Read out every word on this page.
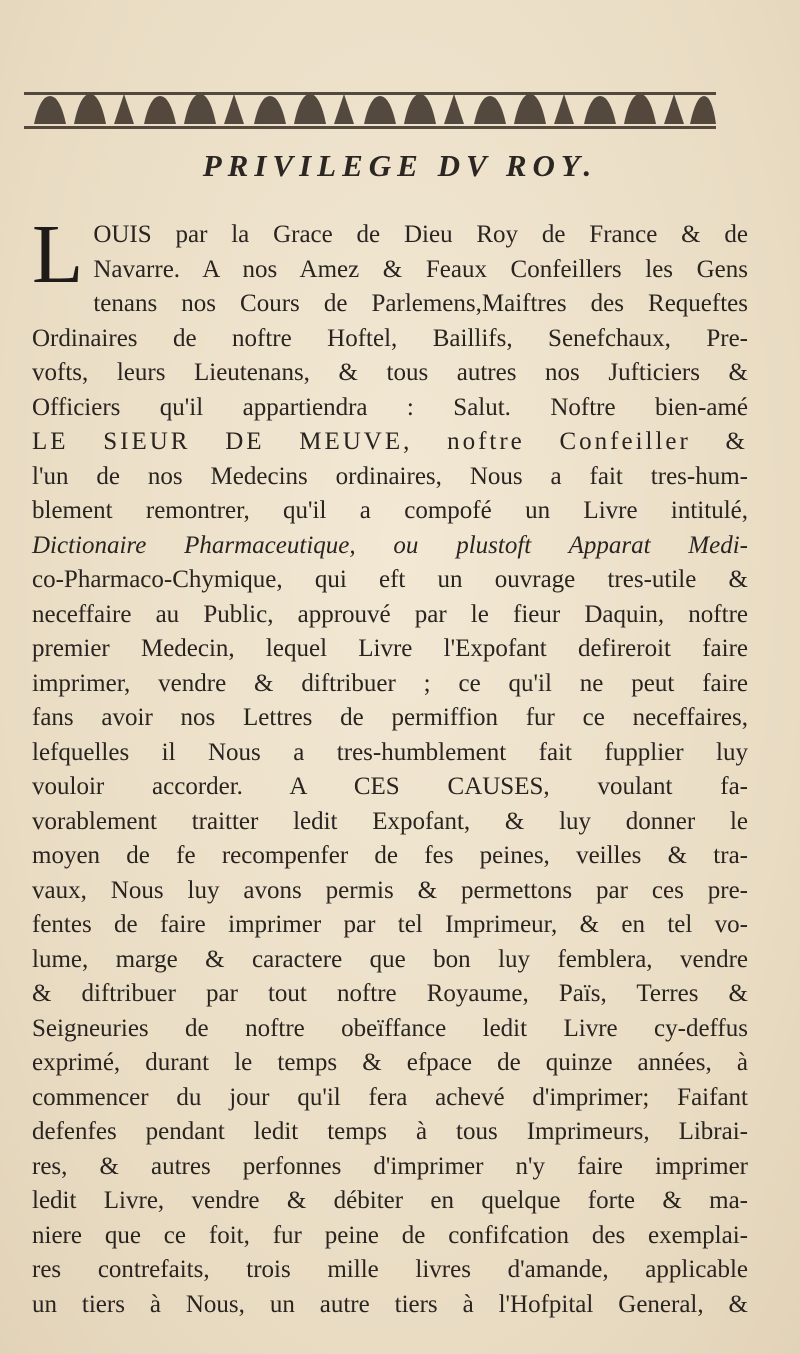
PRIVILEGE DV ROY.
L OUIS par la Grace de Dieu Roy de France & de
Navarre. A nos Amez & Feaux Confeillers les Gens
tenans nos Cours de Parlemens,Maiftres des Requeftes
Ordinaires de noftre Hoftel, Baillifs, Senefchaux, Pre-
vofts, leurs Lieutenans, & tous autres nos Jufticiers &
Officiers qu'il appartiendra : Salut. Noftre bien-amé
LE SIEUR DE MEUVE, noftre Confeiller &
l'un de nos Medecins ordinaires, Nous a fait tres-hum-
blement remontrer, qu'il a compofé un Livre intitulé,
Dictionaire Pharmaceutique, ou plustoft Apparat Medi-
co-Pharmaco-Chymique, qui eft un ouvrage tres-utile &
neceffaire au Public, approuvé par le fieur Daquin, noftre
premier Medecin, lequel Livre l'Expofant defireroit faire
imprimer, vendre & diftribuer ; ce qu'il ne peut faire
fans avoir nos Lettres de permiffion fur ce neceffaires,
lefquelles il Nous a tres-humblement fait fupplier luy
vouloir accorder. A CES CAUSES, voulant fa-
vorablement traitter ledit Expofant, & luy donner le
moyen de fe recompenfer de fes peines, veilles & tra-
vaux, Nous luy avons permis & permettons par ces pre-
fentes de faire imprimer par tel Imprimeur, & en tel vo-
lume, marge & caractere que bon luy femblera, vendre
& diftribuer par tout noftre Royaume, Païs, Terres &
Seigneuries de noftre obeïffance ledit Livre cy-deffus
exprimé, durant le temps & efpace de quinze années, à
commencer du jour qu'il fera achevé d'imprimer; Faifant
defenfes pendant ledit temps à tous Imprimeurs, Librai-
res, & autres perfonnes d'imprimer n'y faire imprimer
ledit Livre, vendre & débiter en quelque forte & ma-
niere que ce foit, fur peine de confifcation des exemplai-
res contrefaits, trois mille livres d'amande, applicable
un tiers à Nous, un autre tiers à l'Hofpital General, &
